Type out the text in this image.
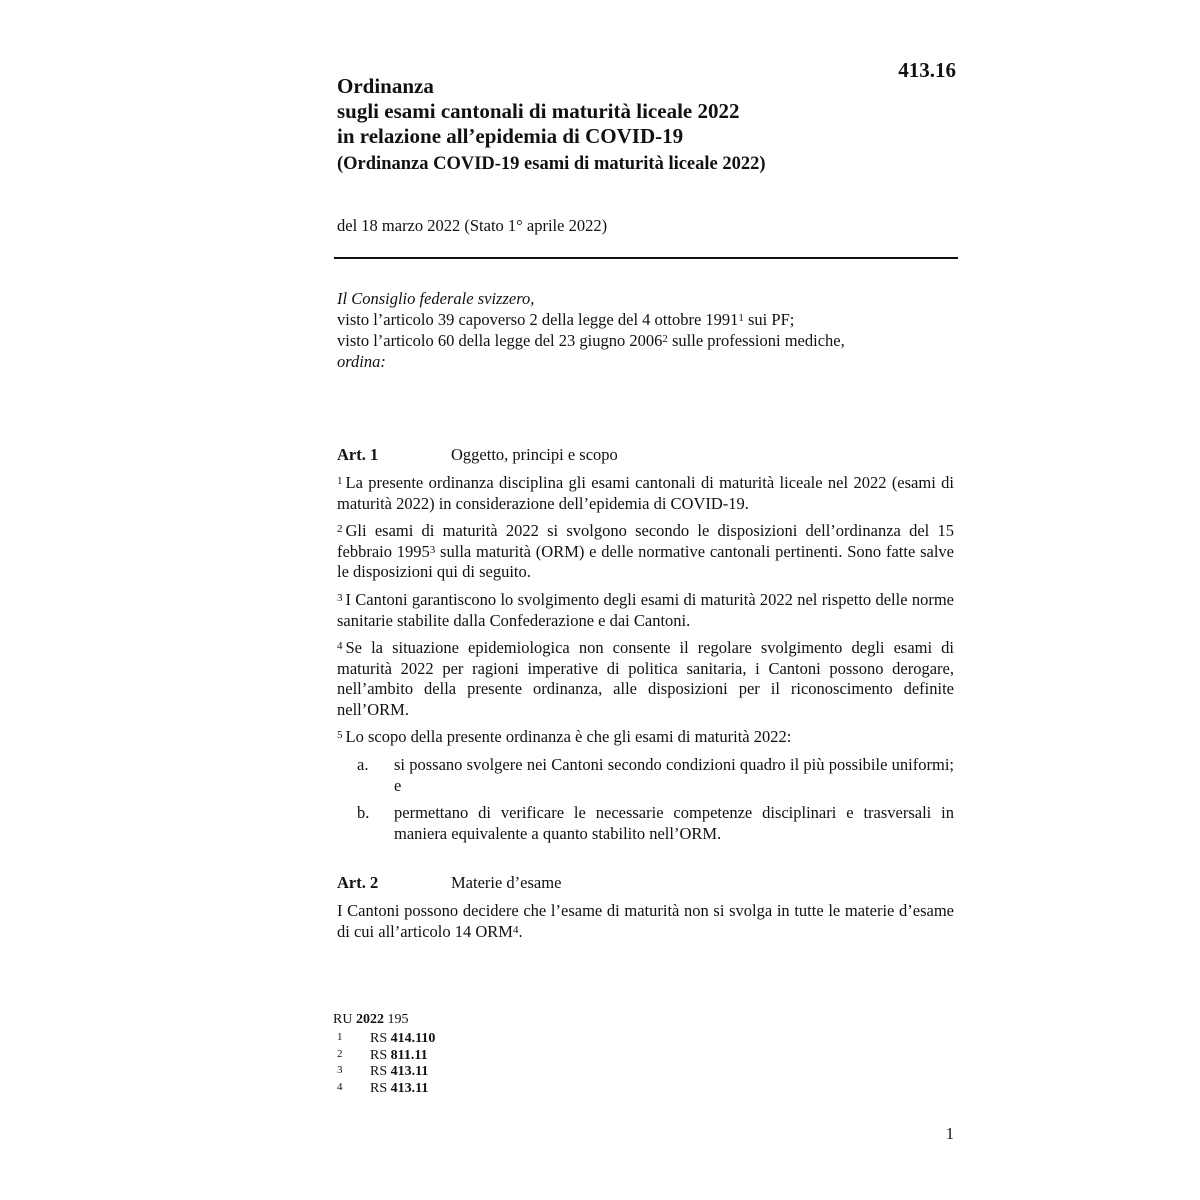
413.16
Ordinanza
sugli esami cantonali di maturità liceale 2022
in relazione all’epidemia di COVID-19
(Ordinanza COVID-19 esami di maturità liceale 2022)
del 18 marzo 2022 (Stato 1° aprile 2022)
Il Consiglio federale svizzero,
visto l’articolo 39 capoverso 2 della legge del 4 ottobre 1991$^1$ sui PF;
visto l’articolo 60 della legge del 23 giugno 2006$^2$ sulle professioni mediche,
ordina:
Art. 1	Oggetto, principi e scopo
$^1$ La presente ordinanza disciplina gli esami cantonali di maturità liceale nel 2022 (esami di maturità 2022) in considerazione dell’epidemia di COVID-19.
$^2$ Gli esami di maturità 2022 si svolgono secondo le disposizioni dell’ordinanza del 15 febbraio 1995$^3$ sulla maturità (ORM) e delle normative cantonali pertinenti. Sono fatte salve le disposizioni qui di seguito.
$^3$ I Cantoni garantiscono lo svolgimento degli esami di maturità 2022 nel rispetto delle norme sanitarie stabilite dalla Confederazione e dai Cantoni.
$^4$ Se la situazione epidemiologica non consente il regolare svolgimento degli esami di maturità 2022 per ragioni imperative di politica sanitaria, i Cantoni possono derogare, nell’ambito della presente ordinanza, alle disposizioni per il riconoscimento definite nell’ORM.
$^5$ Lo scopo della presente ordinanza è che gli esami di maturità 2022:
a.	si possano svolgere nei Cantoni secondo condizioni quadro il più possibile uniformi; e
b.	permettano di verificare le necessarie competenze disciplinari e trasversali in maniera equivalente a quanto stabilito nell’ORM.
Art. 2	Materie d’esame
I Cantoni possono decidere che l’esame di maturità non si svolga in tutte le materie d’esame di cui all’articolo 14 ORM$^4$.
RU 2022 195
1 RS 414.110
2 RS 811.11
3 RS 413.11
4 RS 413.11
1
